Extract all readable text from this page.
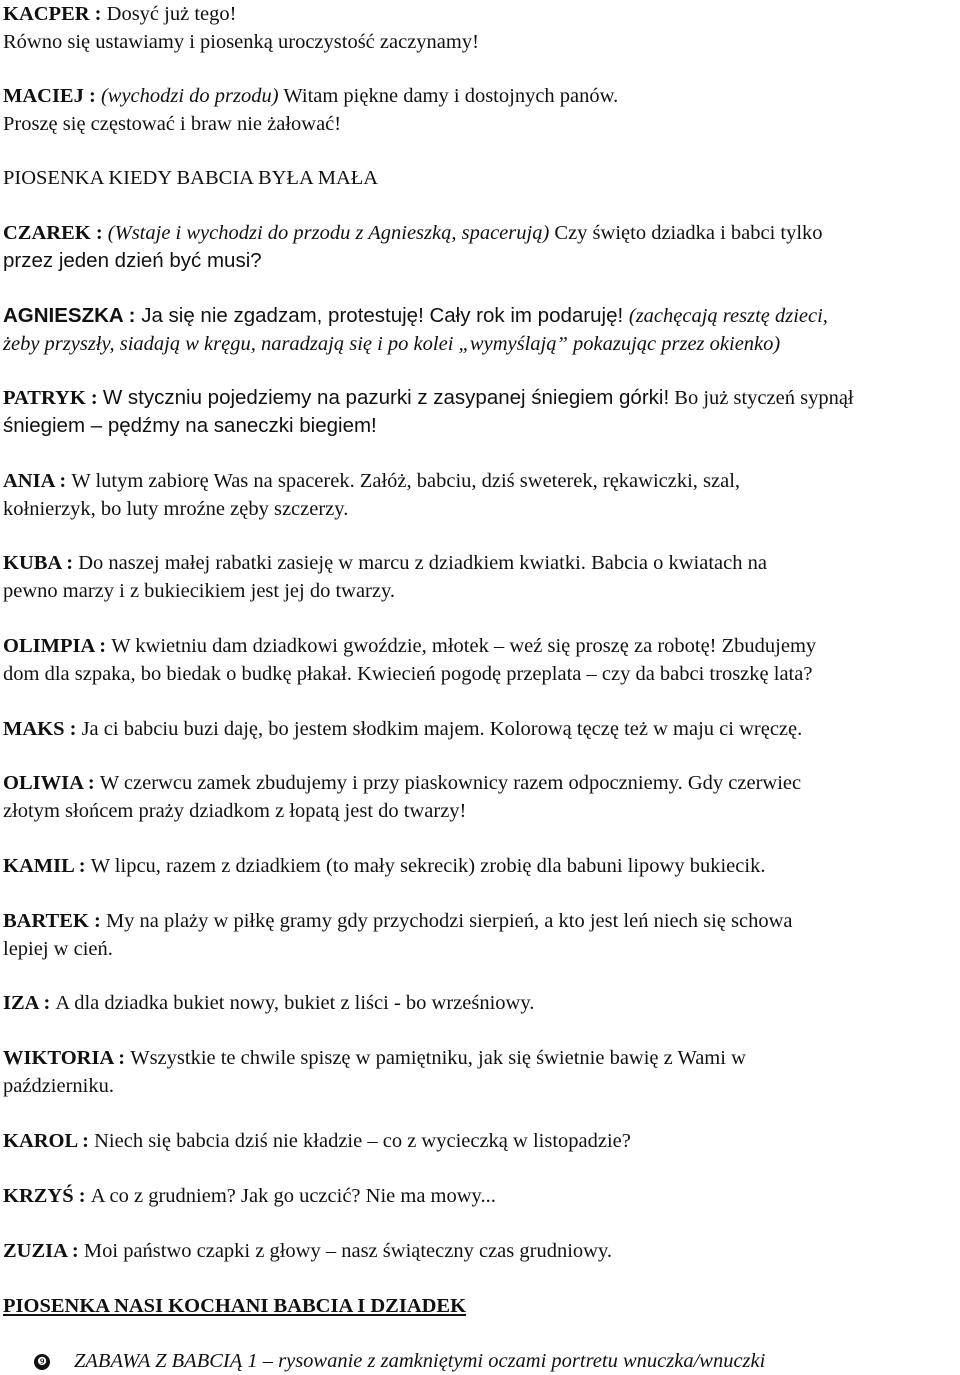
KACPER : Dosyć już tego!
Równo się ustawiamy i piosenką uroczystość zaczynamy!

MACIEJ : (wychodzi do przodu) Witam piękne damy i dostojnych panów.
Proszę się częstować i braw nie żałować!

PIOSENKA KIEDY BABCIA BYŁA MAŁA

CZAREK : (Wstaje i wychodzi do przodu z Agnieszką, spacerują) Czy święto dziadka i babci tylko
przez jeden dzień być musi?

AGNIESZKA : Ja się nie zgadzam, protestuję! Cały rok im podaruję! (zachęcają resztę dzieci,
żeby przyszły, siadają w kręgu, naradzają się i po kolei „wymyślają” pokazując przez okienko)

PATRYK : W styczniu pojedziemy na pazurki z zasypanej śniegiem górki! Bo już styczeń sypnął
śniegiem – pędźmy na saneczki biegiem!

ANIA : W lutym zabiorę Was na spacerek. Załóż, babciu, dziś sweterek, rękawiczki, szal,
kołnierzyk, bo luty mroźne zęby szczerzy.

KUBA : Do naszej małej rabatki zasieję w marcu z dziadkiem kwiatki. Babcia o kwiatach na
pewno marzy i z bukiecikiem jest jej do twarzy.

OLIMPIA : W kwietniu dam dziadkowi gwoździe, młotek – weź się proszę za robotę! Zbudujemy
dom dla szpaka, bo biedak o budkę płakał. Kwiecień pogodę przeplata – czy da babci troszkę lata?

MAKS : Ja ci babciu buzi daję, bo jestem słodkim majem. Kolorową tęczę też w maju ci wręczę.

OLIWIA : W czerwcu zamek zbudujemy i przy piaskownicy razem odpoczniemy. Gdy czerwiec
złotym słońcem praży dziadkom z łopatą jest do twarzy!

KAMIL : W lipcu, razem z dziadkiem (to mały sekrecik) zrobię dla babuni lipowy bukiecik.

BARTEK : My na plaży w piłkę gramy gdy przychodzi sierpień, a kto jest leń niech się schowa
lepiej w cień.

IZA : A dla dziadka bukiet nowy, bukiet z liści - bo wrześniowy.

WIKTORIA : Wszystkie te chwile spiszę w pamiętniku, jak się świetnie bawię z Wami w
październiku.

KAROL : Niech się babcia dziś nie kładzie – co z wycieczką w listopadzie?

KRZYŚ : A co z grudniem? Jak go uczcić? Nie ma mowy...

ZUZIA : Moi państwo czapki z głowy – nasz świąteczny czas grudniowy.

PIOSENKA NASI KOCHANI BABCIA I DZIADEK

❾ ZABAWA Z BABCIĄ 1 – rysowanie z zamkniętymi oczami portretu wnuczka/wnuczki
